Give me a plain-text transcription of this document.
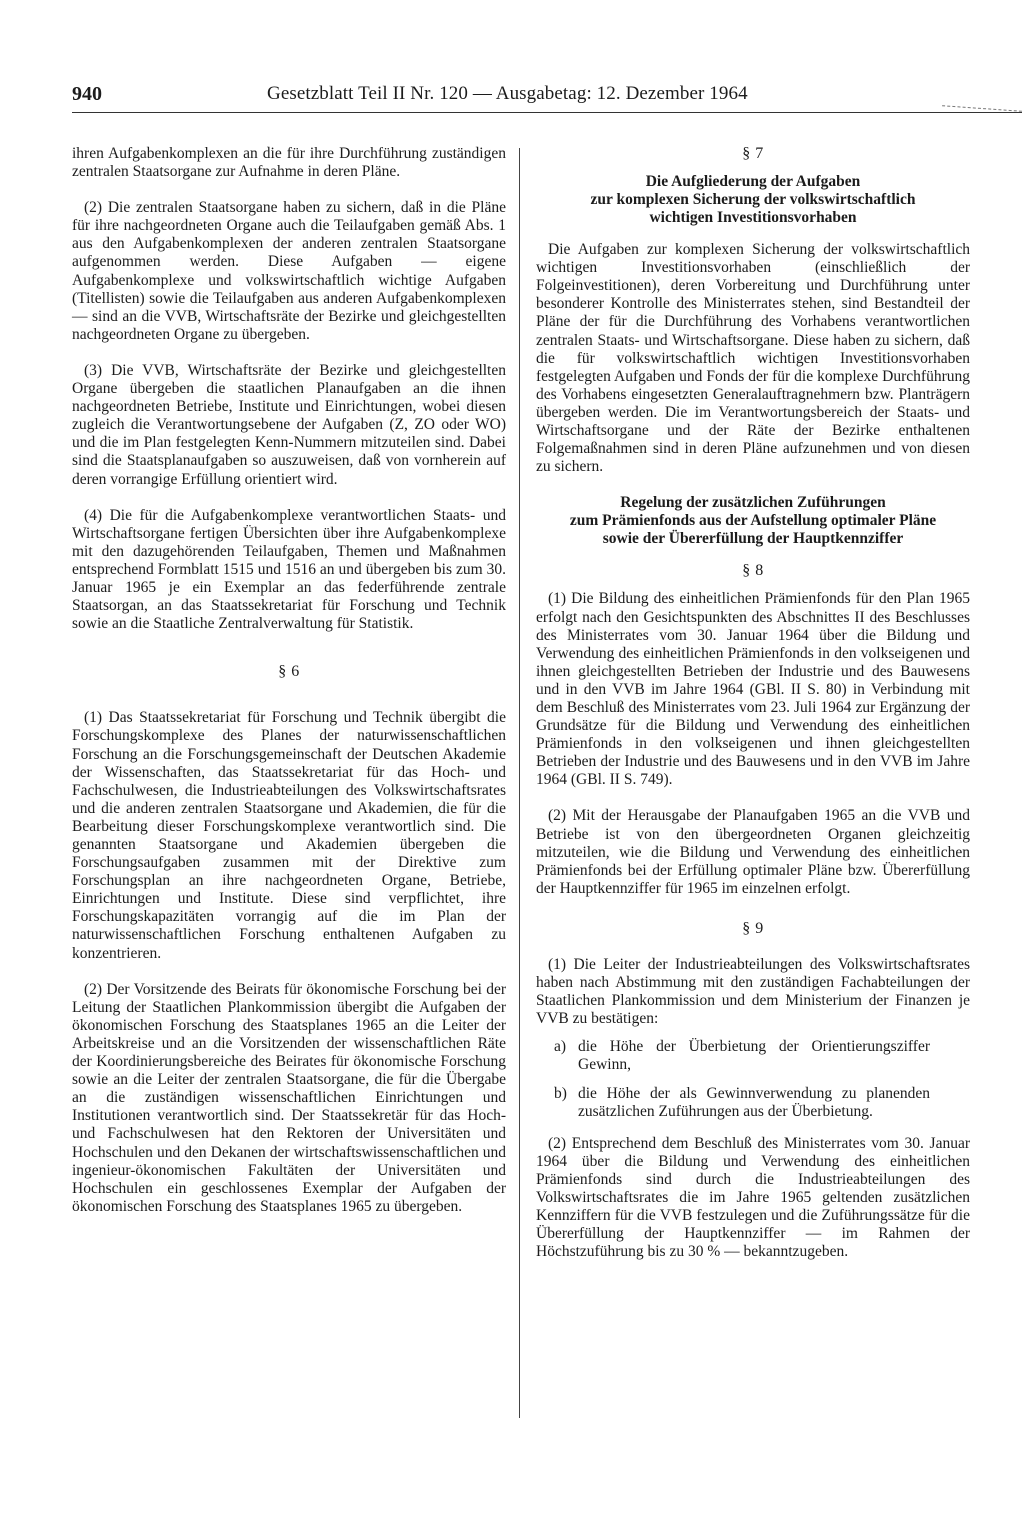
940	Gesetzblatt Teil II Nr. 120 — Ausgabetag: 12. Dezember 1964

ihren Aufgabenkomplexen an die für ihre Durchführung zuständigen zentralen Staatsorgane zur Aufnahme in deren Pläne.

(2) Die zentralen Staatsorgane haben zu sichern, daß in die Pläne für ihre nachgeordneten Organe auch die Teilaufgaben gemäß Abs. 1 aus den Aufgabenkomplexen der anderen zentralen Staatsorgane aufgenommen werden. Diese Aufgaben — eigene Aufgabenkomplexe und volkswirtschaftlich wichtige Aufgaben (Titellisten) sowie die Teilaufgaben aus anderen Aufgabenkomplexen — sind an die VVB, Wirtschaftsräte der Bezirke und gleichgestellten nachgeordneten Organe zu übergeben.

(3) Die VVB, Wirtschaftsräte der Bezirke und gleichgestellten Organe übergeben die staatlichen Planaufgaben an die ihnen nachgeordneten Betriebe, Institute und Einrichtungen, wobei diesen zugleich die Verantwortungsebene der Aufgaben (Z, ZO oder WO) und die im Plan festgelegten Kenn-Nummern mitzuteilen sind. Dabei sind die Staatsplanaufgaben so auszuweisen, daß von vornherein auf deren vorrangige Erfüllung orientiert wird.

(4) Die für die Aufgabenkomplexe verantwortlichen Staats- und Wirtschaftsorgane fertigen Übersichten über ihre Aufgabenkomplexe mit den dazugehörenden Teilaufgaben, Themen und Maßnahmen entsprechend Formblatt 1515 und 1516 an und übergeben bis zum 30. Januar 1965 je ein Exemplar an das federführende zentrale Staatsorgan, an das Staatssekretariat für Forschung und Technik sowie an die Staatliche Zentralverwaltung für Statistik.

§ 6

(1) Das Staatssekretariat für Forschung und Technik übergibt die Forschungskomplexe des Planes der naturwissenschaftlichen Forschung an die Forschungsgemeinschaft der Deutschen Akademie der Wissenschaften, das Staatssekretariat für das Hoch- und Fachschulwesen, die Industrieabteilungen des Volkswirtschaftsrates und die anderen zentralen Staatsorgane und Akademien, die für die Bearbeitung dieser Forschungskomplexe verantwortlich sind. Die genannten Staatsorgane und Akademien übergeben die Forschungsaufgaben zusammen mit der Direktive zum Forschungsplan an ihre nachgeordneten Organe, Betriebe, Einrichtungen und Institute. Diese sind verpflichtet, ihre Forschungskapazitäten vorrangig auf die im Plan der naturwissenschaftlichen Forschung enthaltenen Aufgaben zu konzentrieren.

(2) Der Vorsitzende des Beirats für ökonomische Forschung bei der Leitung der Staatlichen Plankommission übergibt die Aufgaben der ökonomischen Forschung des Staatsplanes 1965 an die Leiter der Arbeitskreise und an die Vorsitzenden der wissenschaftlichen Räte der Koordinierungsbereiche des Beirates für ökonomische Forschung sowie an die Leiter der zentralen Staatsorgane, die für die Übergabe an die zuständigen wissenschaftlichen Einrichtungen und Institutionen verantwortlich sind. Der Staatssekretär für das Hoch- und Fachschulwesen hat den Rektoren der Universitäten und Hochschulen und den Dekanen der wirtschaftswissenschaftlichen und ingenieur-ökonomischen Fakultäten der Universitäten und Hochschulen ein geschlossenes Exemplar der Aufgaben der ökonomischen Forschung des Staatsplanes 1965 zu übergeben.

§ 7
Die Aufgliederung der Aufgaben
zur komplexen Sicherung der volkswirtschaftlich
wichtigen Investitionsvorhaben

Die Aufgaben zur komplexen Sicherung der volkswirtschaftlich wichtigen Investitionsvorhaben (einschließlich der Folgeinvestitionen), deren Vorbereitung und Durchführung unter besonderer Kontrolle des Ministerrates stehen, sind Bestandteil der Pläne der für die Durchführung des Vorhabens verantwortlichen zentralen Staats- und Wirtschaftsorgane. Diese haben zu sichern, daß die für volkswirtschaftlich wichtigen Investitionsvorhaben festgelegten Aufgaben und Fonds der für die komplexe Durchführung des Vorhabens eingesetzten Generalauftragnehmern bzw. Planträgern übergeben werden. Die im Verantwortungsbereich der Staats- und Wirtschaftsorgane und der Räte der Bezirke enthaltenen Folgemaßnahmen sind in deren Pläne aufzunehmen und von diesen zu sichern.

Regelung der zusätzlichen Zuführungen
zum Prämienfonds aus der Aufstellung optimaler Pläne
sowie der Übererfüllung der Hauptkennziffer
§ 8

(1) Die Bildung des einheitlichen Prämienfonds für den Plan 1965 erfolgt nach den Gesichtspunkten des Abschnittes II des Beschlusses des Ministerrates vom 30. Januar 1964 über die Bildung und Verwendung des einheitlichen Prämienfonds in den volkseigenen und ihnen gleichgestellten Betrieben der Industrie und des Bauwesens und in den VVB im Jahre 1964 (GBl. II S. 80) in Verbindung mit dem Beschluß des Ministerrates vom 23. Juli 1964 zur Ergänzung der Grundsätze für die Bildung und Verwendung des einheitlichen Prämienfonds in den volkseigenen und ihnen gleichgestellten Betrieben der Industrie und des Bauwesens und in den VVB im Jahre 1964 (GBl. II S. 749).

(2) Mit der Herausgabe der Planaufgaben 1965 an die VVB und Betriebe ist von den übergeordneten Organen gleichzeitig mitzuteilen, wie die Bildung und Verwendung des einheitlichen Prämienfonds bei der Erfüllung optimaler Pläne bzw. Übererfüllung der Hauptkennziffer für 1965 im einzelnen erfolgt.

§ 9

(1) Die Leiter der Industrieabteilungen des Volkswirtschaftsrates haben nach Abstimmung mit den zuständigen Fachabteilungen der Staatlichen Plankommission und dem Ministerium der Finanzen je VVB zu bestätigen:

a) die Höhe der Überbietung der Orientierungsziffer Gewinn,
b) die Höhe der als Gewinnverwendung zu planenden zusätzlichen Zuführungen aus der Überbietung.

(2) Entsprechend dem Beschluß des Ministerrates vom 30. Januar 1964 über die Bildung und Verwendung des einheitlichen Prämienfonds sind durch die Industrieabteilungen des Volkswirtschaftsrates die im Jahre 1965 geltenden zusätzlichen Kennziffern für die VVB festzulegen und die Zuführungssätze für die Übererfüllung der Hauptkennziffer — im Rahmen der Höchstzuführung bis zu 30 % — bekanntzugeben.
